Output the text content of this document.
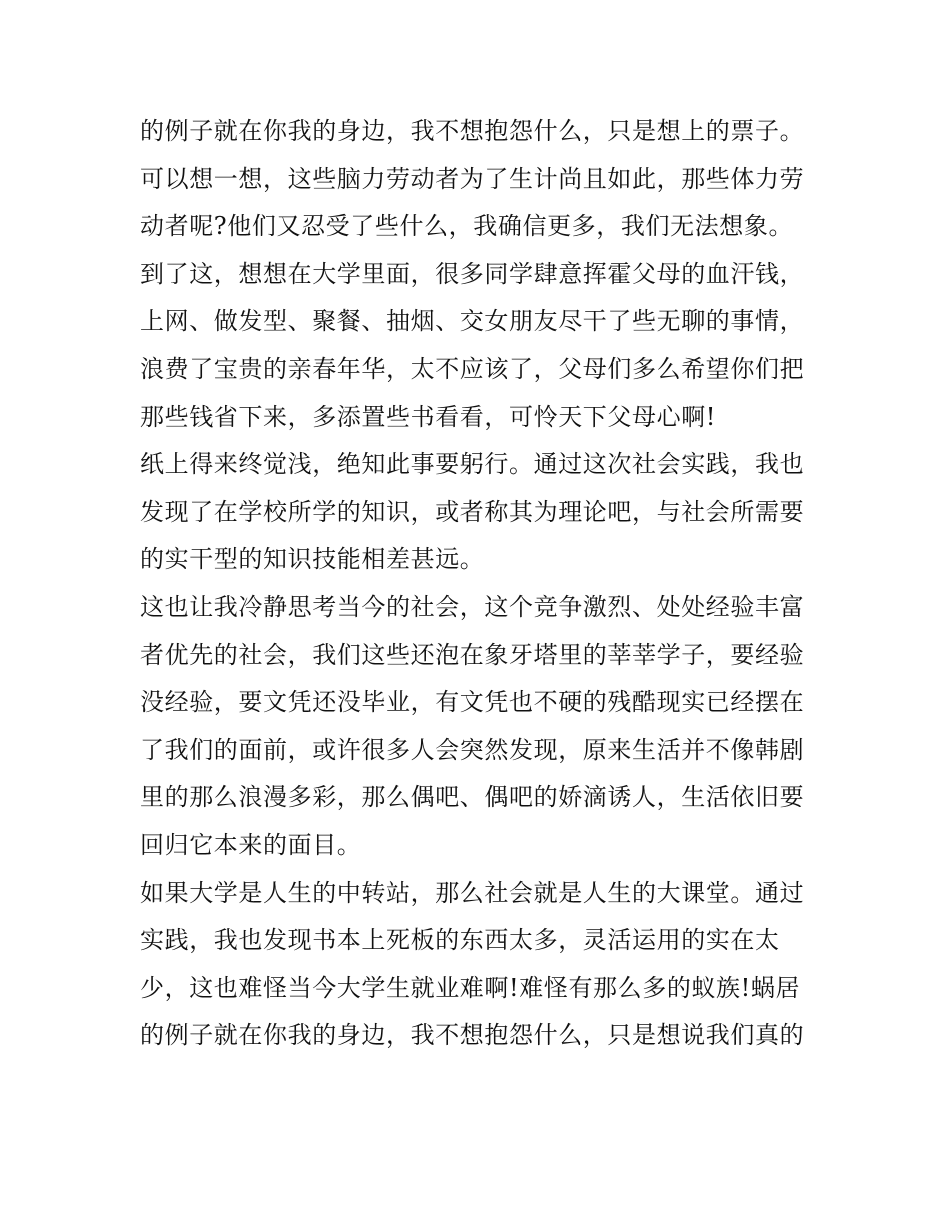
的例子就在你我的身边，我不想抱怨什么，只是想上的票子。
可以想一想，这些脑力劳动者为了生计尚且如此，那些体力劳
动者呢?他们又忍受了些什么，我确信更多，我们无法想象。
到了这，想想在大学里面，很多同学肆意挥霍父母的血汗钱，
上网、做发型、聚餐、抽烟、交女朋友尽干了些无聊的事情，
浪费了宝贵的亲春年华，太不应该了，父母们多么希望你们把
那些钱省下来，多添置些书看看，可怜天下父母心啊!
纸上得来终觉浅，绝知此事要躬行。通过这次社会实践，我也
发现了在学校所学的知识，或者称其为理论吧，与社会所需要
的实干型的知识技能相差甚远。
这也让我冷静思考当今的社会，这个竞争激烈、处处经验丰富
者优先的社会，我们这些还泡在象牙塔里的莘莘学子，要经验
没经验，要文凭还没毕业，有文凭也不硬的残酷现实已经摆在
了我们的面前，或许很多人会突然发现，原来生活并不像韩剧
里的那么浪漫多彩，那么偶吧、偶吧的娇滴诱人，生活依旧要
回归它本来的面目。
如果大学是人生的中转站，那么社会就是人生的大课堂。通过
实践，我也发现书本上死板的东西太多，灵活运用的实在太
少，这也难怪当今大学生就业难啊!难怪有那么多的蚁族!蜗居
的例子就在你我的身边，我不想抱怨什么，只是想说我们真的
